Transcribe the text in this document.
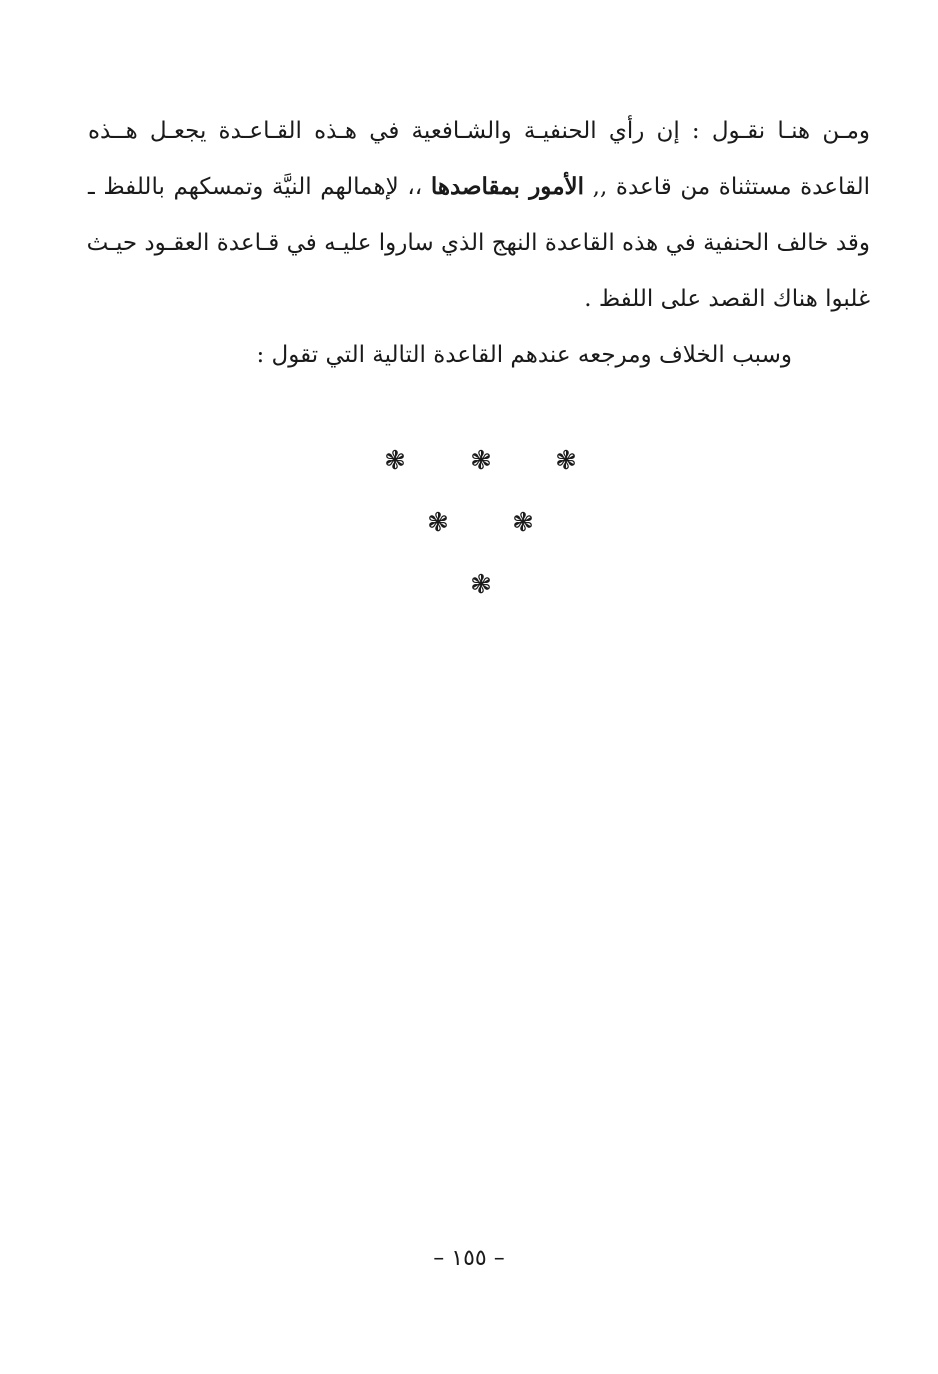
ومـن هنـا نقـول : إن رأي الحنفيـة والشـافعية في هـذه القـاعـدة يجعـل هــذه
القاعدة مستثناة من قاعدة ,, الأمور بمقاصدها ،، لإهمالهم النيَّة وتمسكهم باللفظ ـ
وقد خالف الحنفية في هذه القاعدة النهج الذي ساروا عليـه في قـاعدة العقـود حيـث
غلبوا هناك القصد على اللفظ .
وسبب الخلاف ومرجعه عندهم القاعدة التالية التي تقول :
❃ ❃ ❃
❃ ❃
❃
– ١٥٥ –
